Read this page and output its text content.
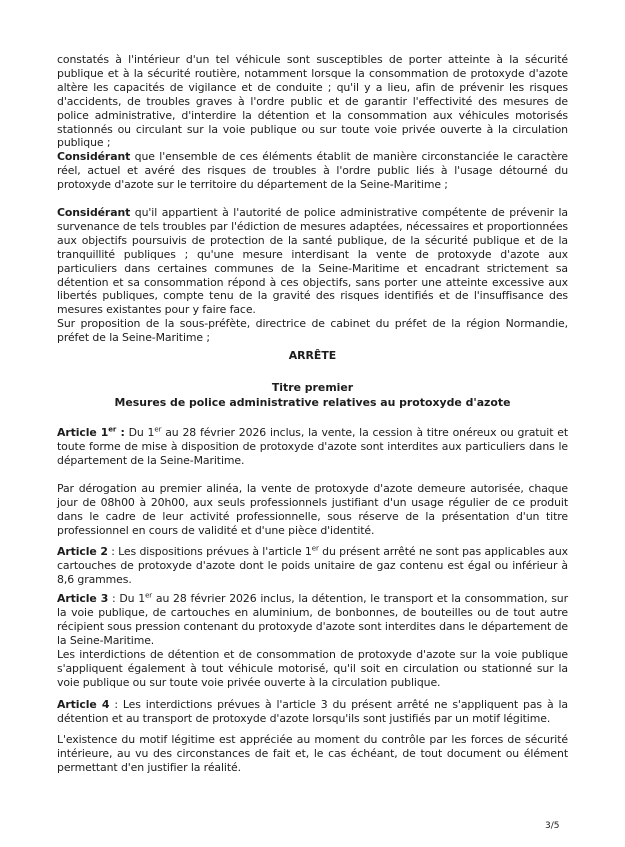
constatés à l'intérieur d'un tel véhicule sont susceptibles de porter atteinte à la sécurité publique et à la sécurité routière, notamment lorsque la consommation de protoxyde d'azote altère les capacités de vigilance et de conduite ; qu'il y a lieu, afin de prévenir les risques d'accidents, de troubles graves à l'ordre public et de garantir l'effectivité des mesures de police administrative, d'interdire la détention et la consommation aux véhicules motorisés stationnés ou circulant sur la voie publique ou sur toute voie privée ouverte à la circulation publique ;
Considérant que l'ensemble de ces éléments établit de manière circonstanciée le caractère réel, actuel et avéré des risques de troubles à l'ordre public liés à l'usage détourné du protoxyde d'azote sur le territoire du département de la Seine-Maritime ;
Considérant qu'il appartient à l'autorité de police administrative compétente de prévenir la survenance de tels troubles par l'édiction de mesures adaptées, nécessaires et proportionnées aux objectifs poursuivis de protection de la santé publique, de la sécurité publique et de la tranquillité publiques ; qu'une mesure interdisant la vente de protoxyde d'azote aux particuliers dans certaines communes de la Seine-Maritime et encadrant strictement sa détention et sa consommation répond à ces objectifs, sans porter une atteinte excessive aux libertés publiques, compte tenu de la gravité des risques identifiés et de l'insuffisance des mesures existantes pour y faire face.
Sur proposition de la sous-préfète, directrice de cabinet du préfet de la région Normandie, préfet de la Seine-Maritime ;
ARRÊTE
Titre premier
Mesures de police administrative relatives au protoxyde d'azote
Article 1er : Du 1er au 28 février 2026 inclus, la vente, la cession à titre onéreux ou gratuit et toute forme de mise à disposition de protoxyde d'azote sont interdites aux particuliers dans le département de la Seine-Maritime.
Par dérogation au premier alinéa, la vente de protoxyde d'azote demeure autorisée, chaque jour de 08h00 à 20h00, aux seuls professionnels justifiant d'un usage régulier de ce produit dans le cadre de leur activité professionnelle, sous réserve de la présentation d'un titre professionnel en cours de validité et d'une pièce d'identité.
Article 2 : Les dispositions prévues à l'article 1er du présent arrêté ne sont pas applicables aux cartouches de protoxyde d'azote dont le poids unitaire de gaz contenu est égal ou inférieur à 8,6 grammes.
Article 3 : Du 1er au 28 février 2026 inclus, la détention, le transport et la consommation, sur la voie publique, de cartouches en aluminium, de bonbonnes, de bouteilles ou de tout autre récipient sous pression contenant du protoxyde d'azote sont interdites dans le département de la Seine-Maritime.
Les interdictions de détention et de consommation de protoxyde d'azote sur la voie publique s'appliquent également à tout véhicule motorisé, qu'il soit en circulation ou stationné sur la voie publique ou sur toute voie privée ouverte à la circulation publique.
Article 4 : Les interdictions prévues à l'article 3 du présent arrêté ne s'appliquent pas à la détention et au transport de protoxyde d'azote lorsqu'ils sont justifiés par un motif légitime.
L'existence du motif légitime est appréciée au moment du contrôle par les forces de sécurité intérieure, au vu des circonstances de fait et, le cas échéant, de tout document ou élément permettant d'en justifier la réalité.
3/5
